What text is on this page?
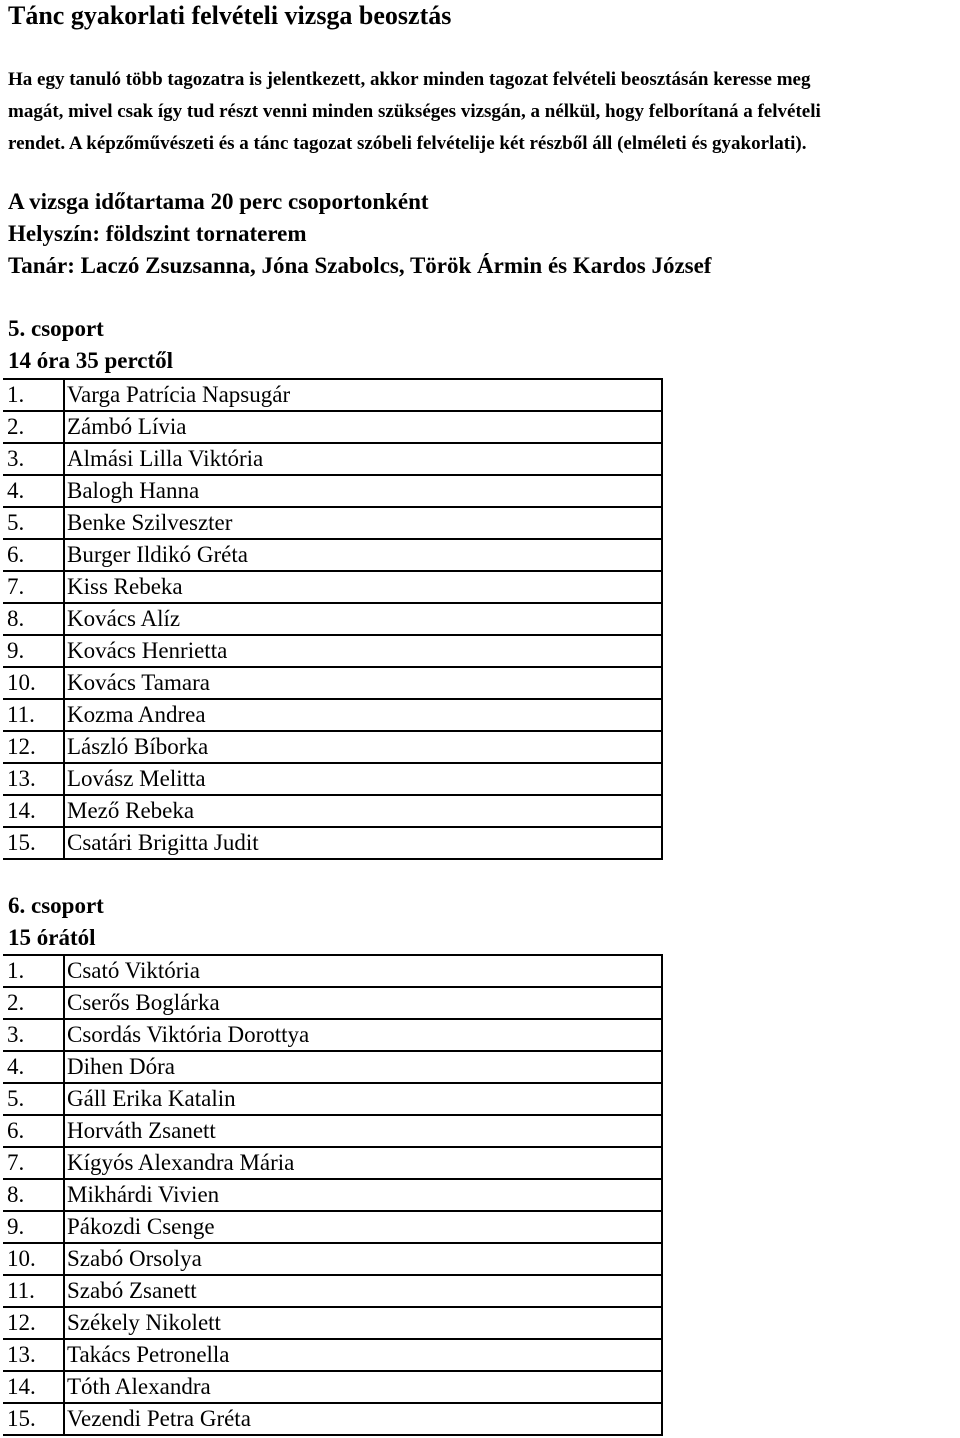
Tánc gyakorlati felvételi vizsga beosztás

Ha egy tanuló több tagozatra is jelentkezett, akkor minden tagozat felvételi beosztásán keresse meg

magát, mivel csak így tud részt venni minden szükséges vizsgán, a nélkül, hogy felborítaná a felvételi

rendet. A képzőművészeti és a tánc tagozat szóbeli felvételije két részből áll (elméleti és gyakorlati).

A vizsga időtartama 20 perc csoportonként
Helyszín: földszint tornaterem
Tanár: Laczó Zsuzsanna, Jóna Szabolcs, Török Ármin és Kardos József
5. csoport
14 óra 35 perctől
1.	Varga Patrícia Napsugár
2.	Zámbó Lívia
3.	Almási Lilla Viktória
4.	Balogh Hanna
5.	Benke Szilveszter
6.	Burger Ildikó Gréta
7.	Kiss Rebeka
8.	Kovács Alíz
9.	Kovács Henrietta
10.	Kovács Tamara
11.	Kozma Andrea
12.	László Bíborka
13.	Lovász Melitta
14.	Mező Rebeka
15.	Csatári Brigitta Judit
6. csoport
15 órától
1.	Csató Viktória
2.	Cserős Boglárka
3.	Csordás Viktória Dorottya
4.	Dihen Dóra
5.	Gáll Erika Katalin
6.	Horváth Zsanett
7.	Kígyós Alexandra Mária
8.	Mikhárdi Vivien
9.	Pákozdi Csenge
10.	Szabó Orsolya
11.	Szabó Zsanett
12.	Székely Nikolett
13.	Takács Petronella
14.	Tóth Alexandra
15.	Vezendi Petra Gréta
